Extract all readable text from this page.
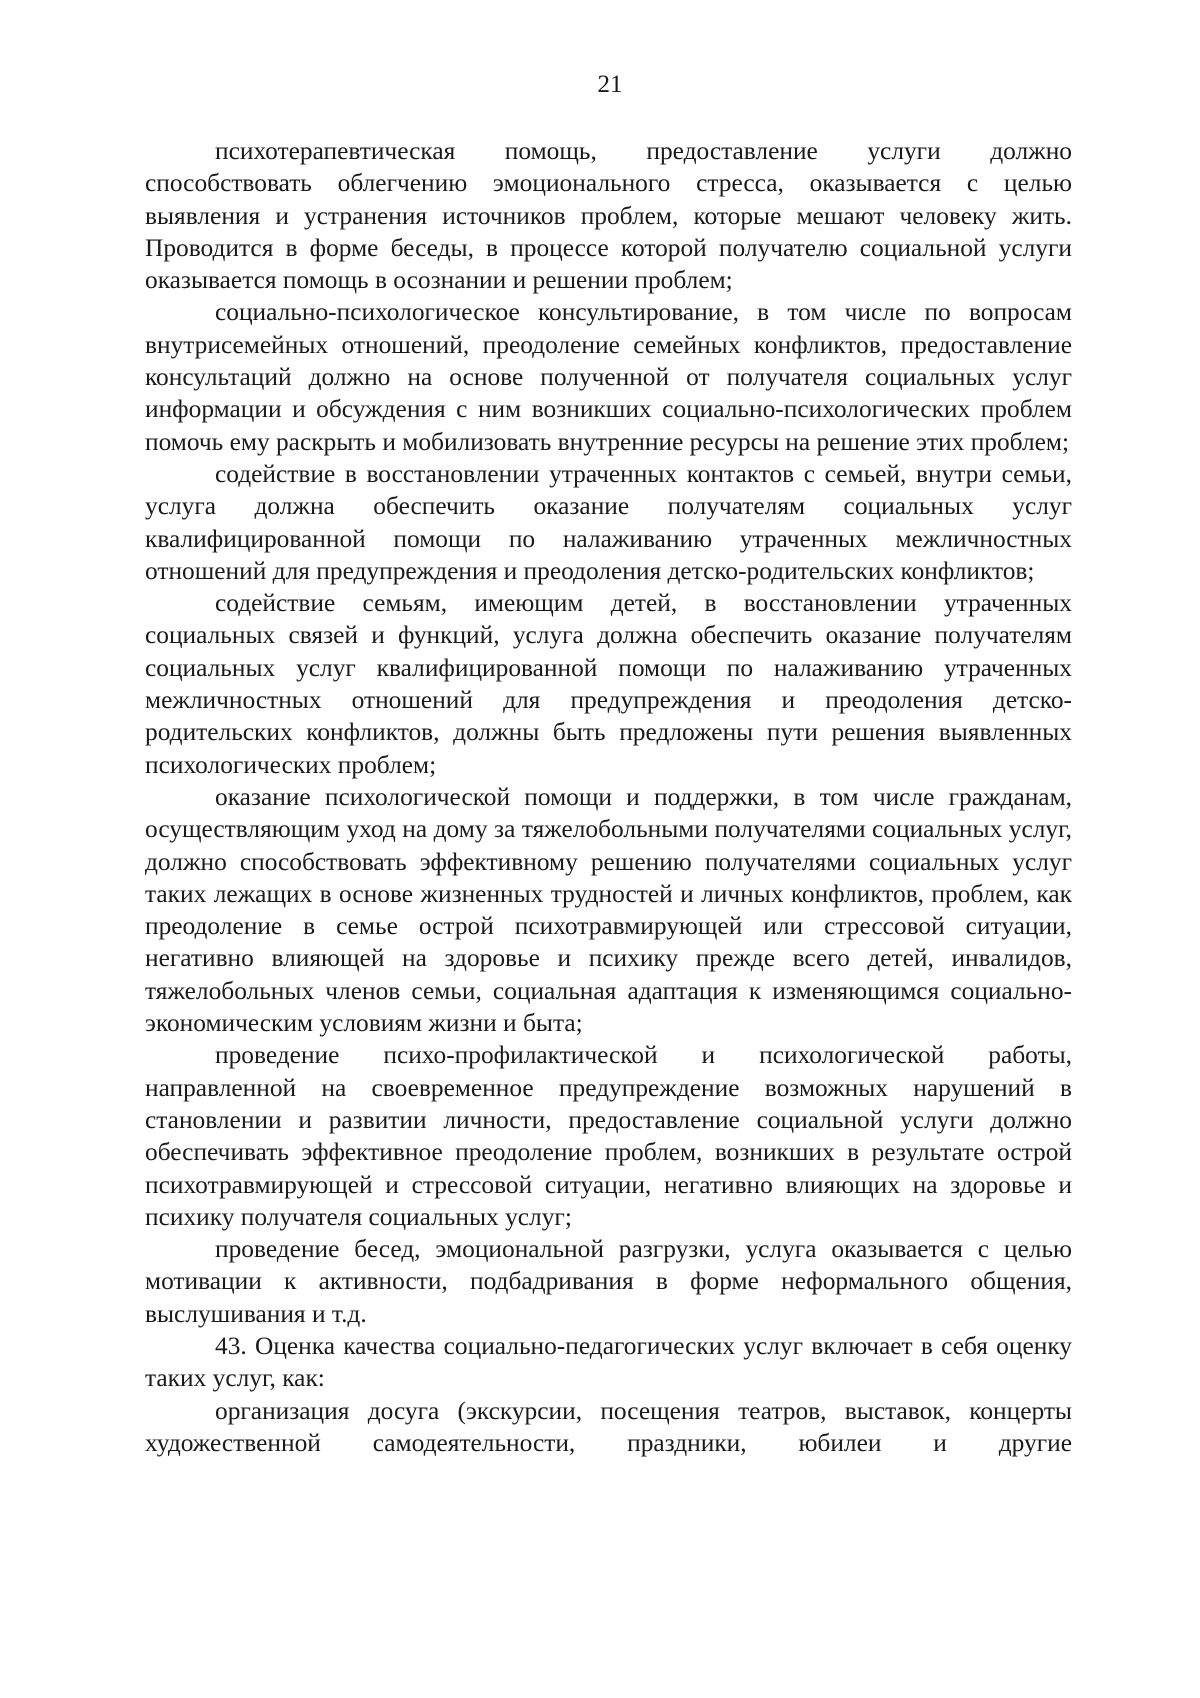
21

психотерапевтическая помощь, предоставление услуги должно способствовать облегчению эмоционального стресса, оказывается с целью выявления и устранения источников проблем, которые мешают человеку жить. Проводится в форме беседы, в процессе которой получателю социальной услуги оказывается помощь в осознании и решении проблем;

социально-психологическое консультирование, в том числе по вопросам внутрисемейных отношений, преодоление семейных конфликтов, предоставление консультаций должно на основе полученной от получателя социальных услуг информации и обсуждения с ним возникших социально-психологических проблем помочь ему раскрыть и мобилизовать внутренние ресурсы на решение этих проблем;

содействие в восстановлении утраченных контактов с семьей, внутри семьи, услуга должна обеспечить оказание получателям социальных услуг квалифицированной помощи по налаживанию утраченных межличностных отношений для предупреждения и преодоления детско-родительских конфликтов;

содействие семьям, имеющим детей, в восстановлении утраченных социальных связей и функций, услуга должна обеспечить оказание получателям социальных услуг квалифицированной помощи по налаживанию утраченных межличностных отношений для предупреждения и преодоления детско-родительских конфликтов, должны быть предложены пути решения выявленных психологических проблем;

оказание психологической помощи и поддержки, в том числе гражданам, осуществляющим уход на дому за тяжелобольными получателями социальных услуг, должно способствовать эффективному решению получателями социальных услуг таких лежащих в основе жизненных трудностей и личных конфликтов, проблем, как преодоление в семье острой психотравмирующей или стрессовой ситуации, негативно влияющей на здоровье и психику прежде всего детей, инвалидов, тяжелобольных членов семьи, социальная адаптация к изменяющимся социально-экономическим условиям жизни и быта;

проведение психо-профилактической и психологической работы, направленной на своевременное предупреждение возможных нарушений в становлении и развитии личности, предоставление социальной услуги должно обеспечивать эффективное преодоление проблем, возникших в результате острой психотравмирующей и стрессовой ситуации, негативно влияющих на здоровье и психику получателя социальных услуг;

проведение бесед, эмоциональной разгрузки, услуга оказывается с целью мотивации к активности, подбадривания в форме неформального общения, выслушивания и т.д.

43. Оценка качества социально-педагогических услуг включает в себя оценку таких услуг, как:

организация досуга (экскурсии, посещения театров, выставок, концерты художественной самодеятельности, праздники, юбилеи и другие
